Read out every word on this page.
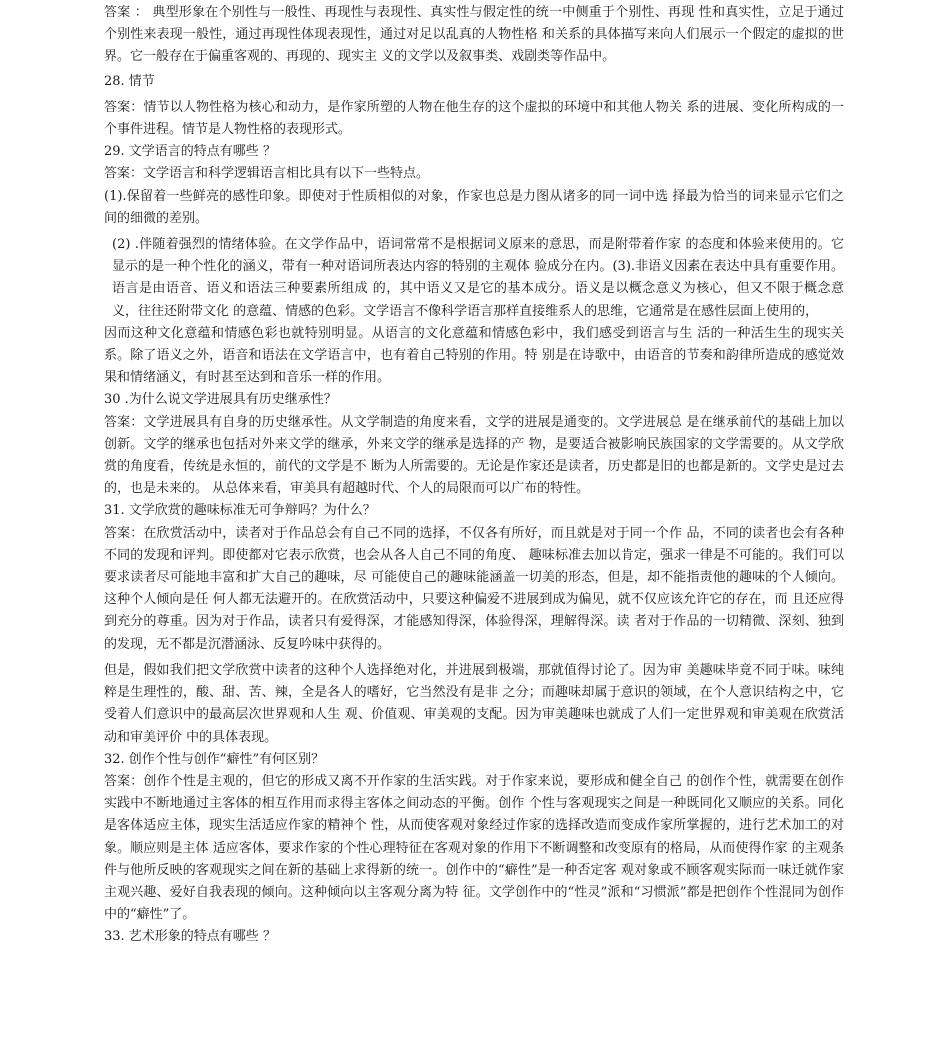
答案 ： 典型形象在个别性与一般性、再现性与表现性、真实性与假定性的统一中侧重于个别性、再现 性和真实性，立足于通过个别性来表现一般性，通过再现性体现表现性，通过对足以乱真的人物性格 和关系的具体描写来向人们展示一个假定的虚拟的世界。它一般存在于偏重客观的、再现的、现实主 义的文学以及叙事类、戏剧类等作品中。

28. 情节

答案：情节以人物性格为核心和动力，是作家所塑的人物在他生存的这个虚拟的环境中和其他人物关 系的进展、变化所构成的一个事件进程。情节是人物性格的表现形式。

29. 文学语言的特点有哪些 ？

答案：文学语言和科学逻辑语言相比具有以下一些特点。

(1).保留着一些鲜亮的感性印象。即使对于性质相似的对象，作家也总是力图从诸多的同一词中选 择最为恰当的词来显示它们之间的细微的差别。

(2) .伴随着强烈的情绪体验。在文学作品中，语词常常不是根据词义原来的意思，而是附带着作家 的态度和体验来使用的。它显示的是一种个性化的涵义，带有一种对语词所表达内容的特别的主观体 验成分在内。(3).非语义因素在表达中具有重要作用。语言是由语音、语义和语法三种要素所组成 的，其中语义又是它的基本成分。语义是以概念意义为核心，但又不限于概念意义，往往还附带文化 的意蕴、情感的色彩。文学语言不像科学语言那样直接维系人的思维，它通常是在感性层面上使用的，

因而这种文化意蕴和情感色彩也就特别明显。从语言的文化意蕴和情感色彩中，我们感受到语言与生 活的一种活生生的现实关系。除了语义之外，语音和语法在文学语言中，也有着自己特别的作用。特 别是在诗歌中，由语音的节奏和韵律所造成的感觉效果和情绪涵义，有时甚至达到和音乐一样的作用。

30 .为什么说文学进展具有历史继承性？

答案：文学进展具有自身的历史继承性。从文学制造的角度来看，文学的进展是通变的。文学进展总 是在继承前代的基础上加以创新。文学的继承也包括对外来文学的继承，外来文学的继承是选择的产 物，是要适合被影响民族国家的文学需要的。从文学欣赏的角度看，传统是永恒的，前代的文学是不 断为人所需要的。无论是作家还是读者，历史都是旧的也都是新的。文学史是过去的，也是未来的。 从总体来看，审美具有超越时代、个人的局限而可以广布的特性。

31. 文学欣赏的趣味标准无可争辩吗？为什么？

答案：在欣赏活动中，读者对于作品总会有自己不同的选择，不仅各有所好，而且就是对于同一个作 品，不同的读者也会有各种不同的发现和评判。即使都对它表示欣赏，也会从各人自己不同的角度、 趣味标准去加以肯定，强求一律是不可能的。我们可以要求读者尽可能地丰富和扩大自己的趣味，尽 可能使自己的趣味能涵盖一切美的形态，但是，却不能指责他的趣味的个人倾向。这种个人倾向是任 何人都无法避开的。在欣赏活动中，只要这种偏爱不进展到成为偏见，就不仅应该允许它的存在，而 且还应得到充分的尊重。因为对于作品，读者只有爱得深，才能感知得深，体验得深，理解得深。读 者对于作品的一切精微、深刻、独到的发现，无不都是沉潜涵泳、反复吟味中获得的。

但是，假如我们把文学欣赏中读者的这种个人选择绝对化，并进展到极端，那就值得讨论了。因为审 美趣味毕竟不同于味。味纯粹是生理性的，酸、甜、苦、辣，全是各人的嗜好，它当然没有是非 之分；而趣味却属于意识的领域，在个人意识结构之中，它受着人们意识中的最高层次世界观和人生 观、价值观、审美观的支配。因为审美趣味也就成了人们一定世界观和审美观在欣赏活动和审美评价 中的具体表现。

32. 创作个性与创作“癖性”有何区别？

答案：创作个性是主观的，但它的形成又离不开作家的生活实践。对于作家来说，要形成和健全自己 的创作个性，就需要在创作实践中不断地通过主客体的相互作用而求得主客体之间动态的平衡。创作 个性与客观现实之间是一种既同化又顺应的关系。同化是客体适应主体，现实生活适应作家的精神个 性，从而使客观对象经过作家的选择改造而变成作家所掌握的，进行艺术加工的对象。顺应则是主体 适应客体，要求作家的个性心理特征在客观对象的作用下不断调整和改变原有的格局，从而使得作家 的主观条件与他所反映的客观现实之间在新的基础上求得新的统一。创作中的“癖性”是一种否定客 观对象或不顾客观实际而一味迁就作家主观兴趣、爱好自我表现的倾向。这种倾向以主客观分离为特 征。文学创作中的“性灵”派和“习惯派”都是把创作个性混同为创作中的“癖性”了。

33. 艺术形象的特点有哪些 ？
